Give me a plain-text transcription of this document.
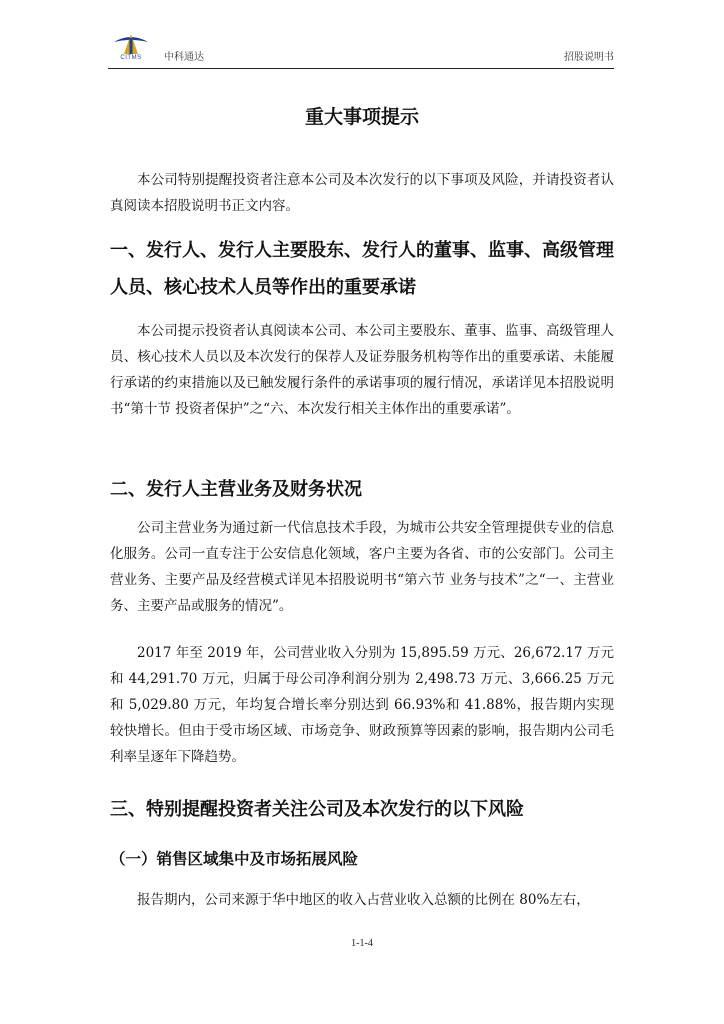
CITMS	中科通达	招股说明书
重大事项提示

本公司特别提醒投资者注意本公司及本次发行的以下事项及风险，并请投资者认真阅读本招股说明书正文内容。

一、发行人、发行人主要股东、发行人的董事、监事、高级管理人员、核心技术人员等作出的重要承诺

本公司提示投资者认真阅读本公司、本公司主要股东、董事、监事、高级管理人员、核心技术人员以及本次发行的保荐人及证券服务机构等作出的重要承诺、未能履行承诺的约束措施以及已触发履行条件的承诺事项的履行情况，承诺详见本招股说明书“第十节 投资者保护”之“六、本次发行相关主体作出的重要承诺”。

二、发行人主营业务及财务状况

公司主营业务为通过新一代信息技术手段，为城市公共安全管理提供专业的信息化服务。公司一直专注于公安信息化领域，客户主要为各省、市的公安部门。公司主营业务、主要产品及经营模式详见本招股说明书“第六节 业务与技术”之“一、主营业务、主要产品或服务的情况”。

2017 年至 2019 年，公司营业收入分别为 15,895.59 万元、26,672.17 万元和 44,291.70 万元，归属于母公司净利润分别为 2,498.73 万元、3,666.25 万元和 5,029.80 万元，年均复合增长率分别达到 66.93%和 41.88%，报告期内实现较快增长。但由于受市场区域、市场竞争、财政预算等因素的影响，报告期内公司毛利率呈逐年下降趋势。

三、特别提醒投资者关注公司及本次发行的以下风险
（一）销售区域集中及市场拓展风险

报告期内，公司来源于华中地区的收入占营业收入总额的比例在 80%左右，

1-1-4
